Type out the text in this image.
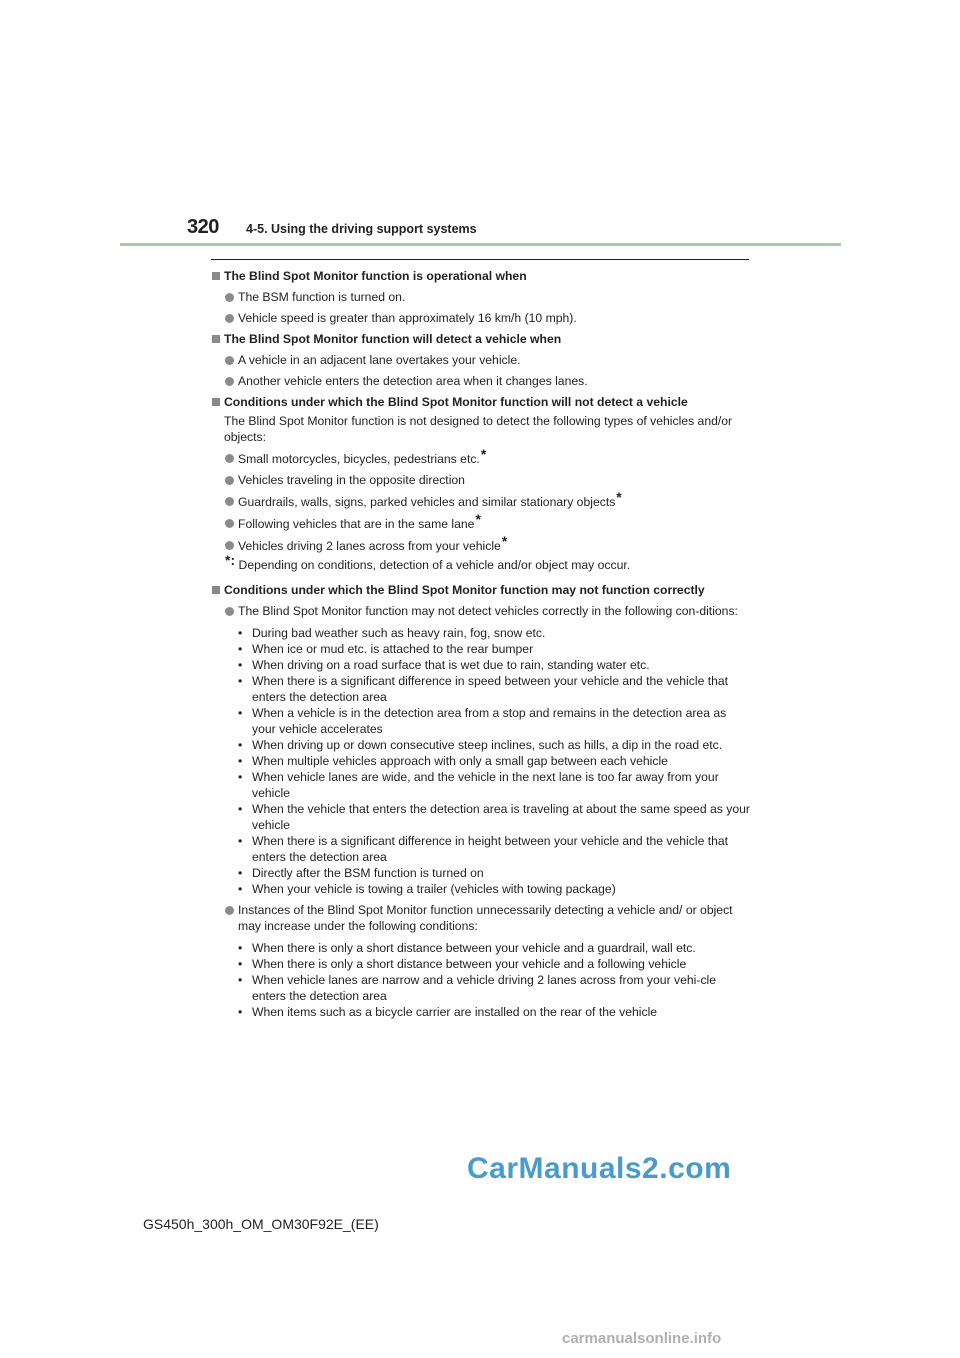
320 4-5. Using the driving support systems
The Blind Spot Monitor function is operational when
The BSM function is turned on.
Vehicle speed is greater than approximately 16 km/h (10 mph).
The Blind Spot Monitor function will detect a vehicle when
A vehicle in an adjacent lane overtakes your vehicle.
Another vehicle enters the detection area when it changes lanes.
Conditions under which the Blind Spot Monitor function will not detect a vehicle
The Blind Spot Monitor function is not designed to detect the following types of vehicles and/or objects:
Small motorcycles, bicycles, pedestrians etc.*
Vehicles traveling in the opposite direction
Guardrails, walls, signs, parked vehicles and similar stationary objects*
Following vehicles that are in the same lane*
Vehicles driving 2 lanes across from your vehicle*
*: Depending on conditions, detection of a vehicle and/or object may occur.
Conditions under which the Blind Spot Monitor function may not function correctly
The Blind Spot Monitor function may not detect vehicles correctly in the following con-ditions:
• During bad weather such as heavy rain, fog, snow etc.
• When ice or mud etc. is attached to the rear bumper
• When driving on a road surface that is wet due to rain, standing water etc.
• When there is a significant difference in speed between your vehicle and the vehicle that enters the detection area
• When a vehicle is in the detection area from a stop and remains in the detection area as your vehicle accelerates
• When driving up or down consecutive steep inclines, such as hills, a dip in the road etc.
• When multiple vehicles approach with only a small gap between each vehicle
• When vehicle lanes are wide, and the vehicle in the next lane is too far away from your vehicle
• When the vehicle that enters the detection area is traveling at about the same speed as your vehicle
• When there is a significant difference in height between your vehicle and the vehicle that enters the detection area
• Directly after the BSM function is turned on
• When your vehicle is towing a trailer (vehicles with towing package)
Instances of the Blind Spot Monitor function unnecessarily detecting a vehicle and/ or object may increase under the following conditions:
• When there is only a short distance between your vehicle and a guardrail, wall etc.
• When there is only a short distance between your vehicle and a following vehicle
• When vehicle lanes are narrow and a vehicle driving 2 lanes across from your vehi-cle enters the detection area
• When items such as a bicycle carrier are installed on the rear of the vehicle
CarManuals2.com
GS450h_300h_OM_OM30F92E_(EE)
carmanualsonline.info
